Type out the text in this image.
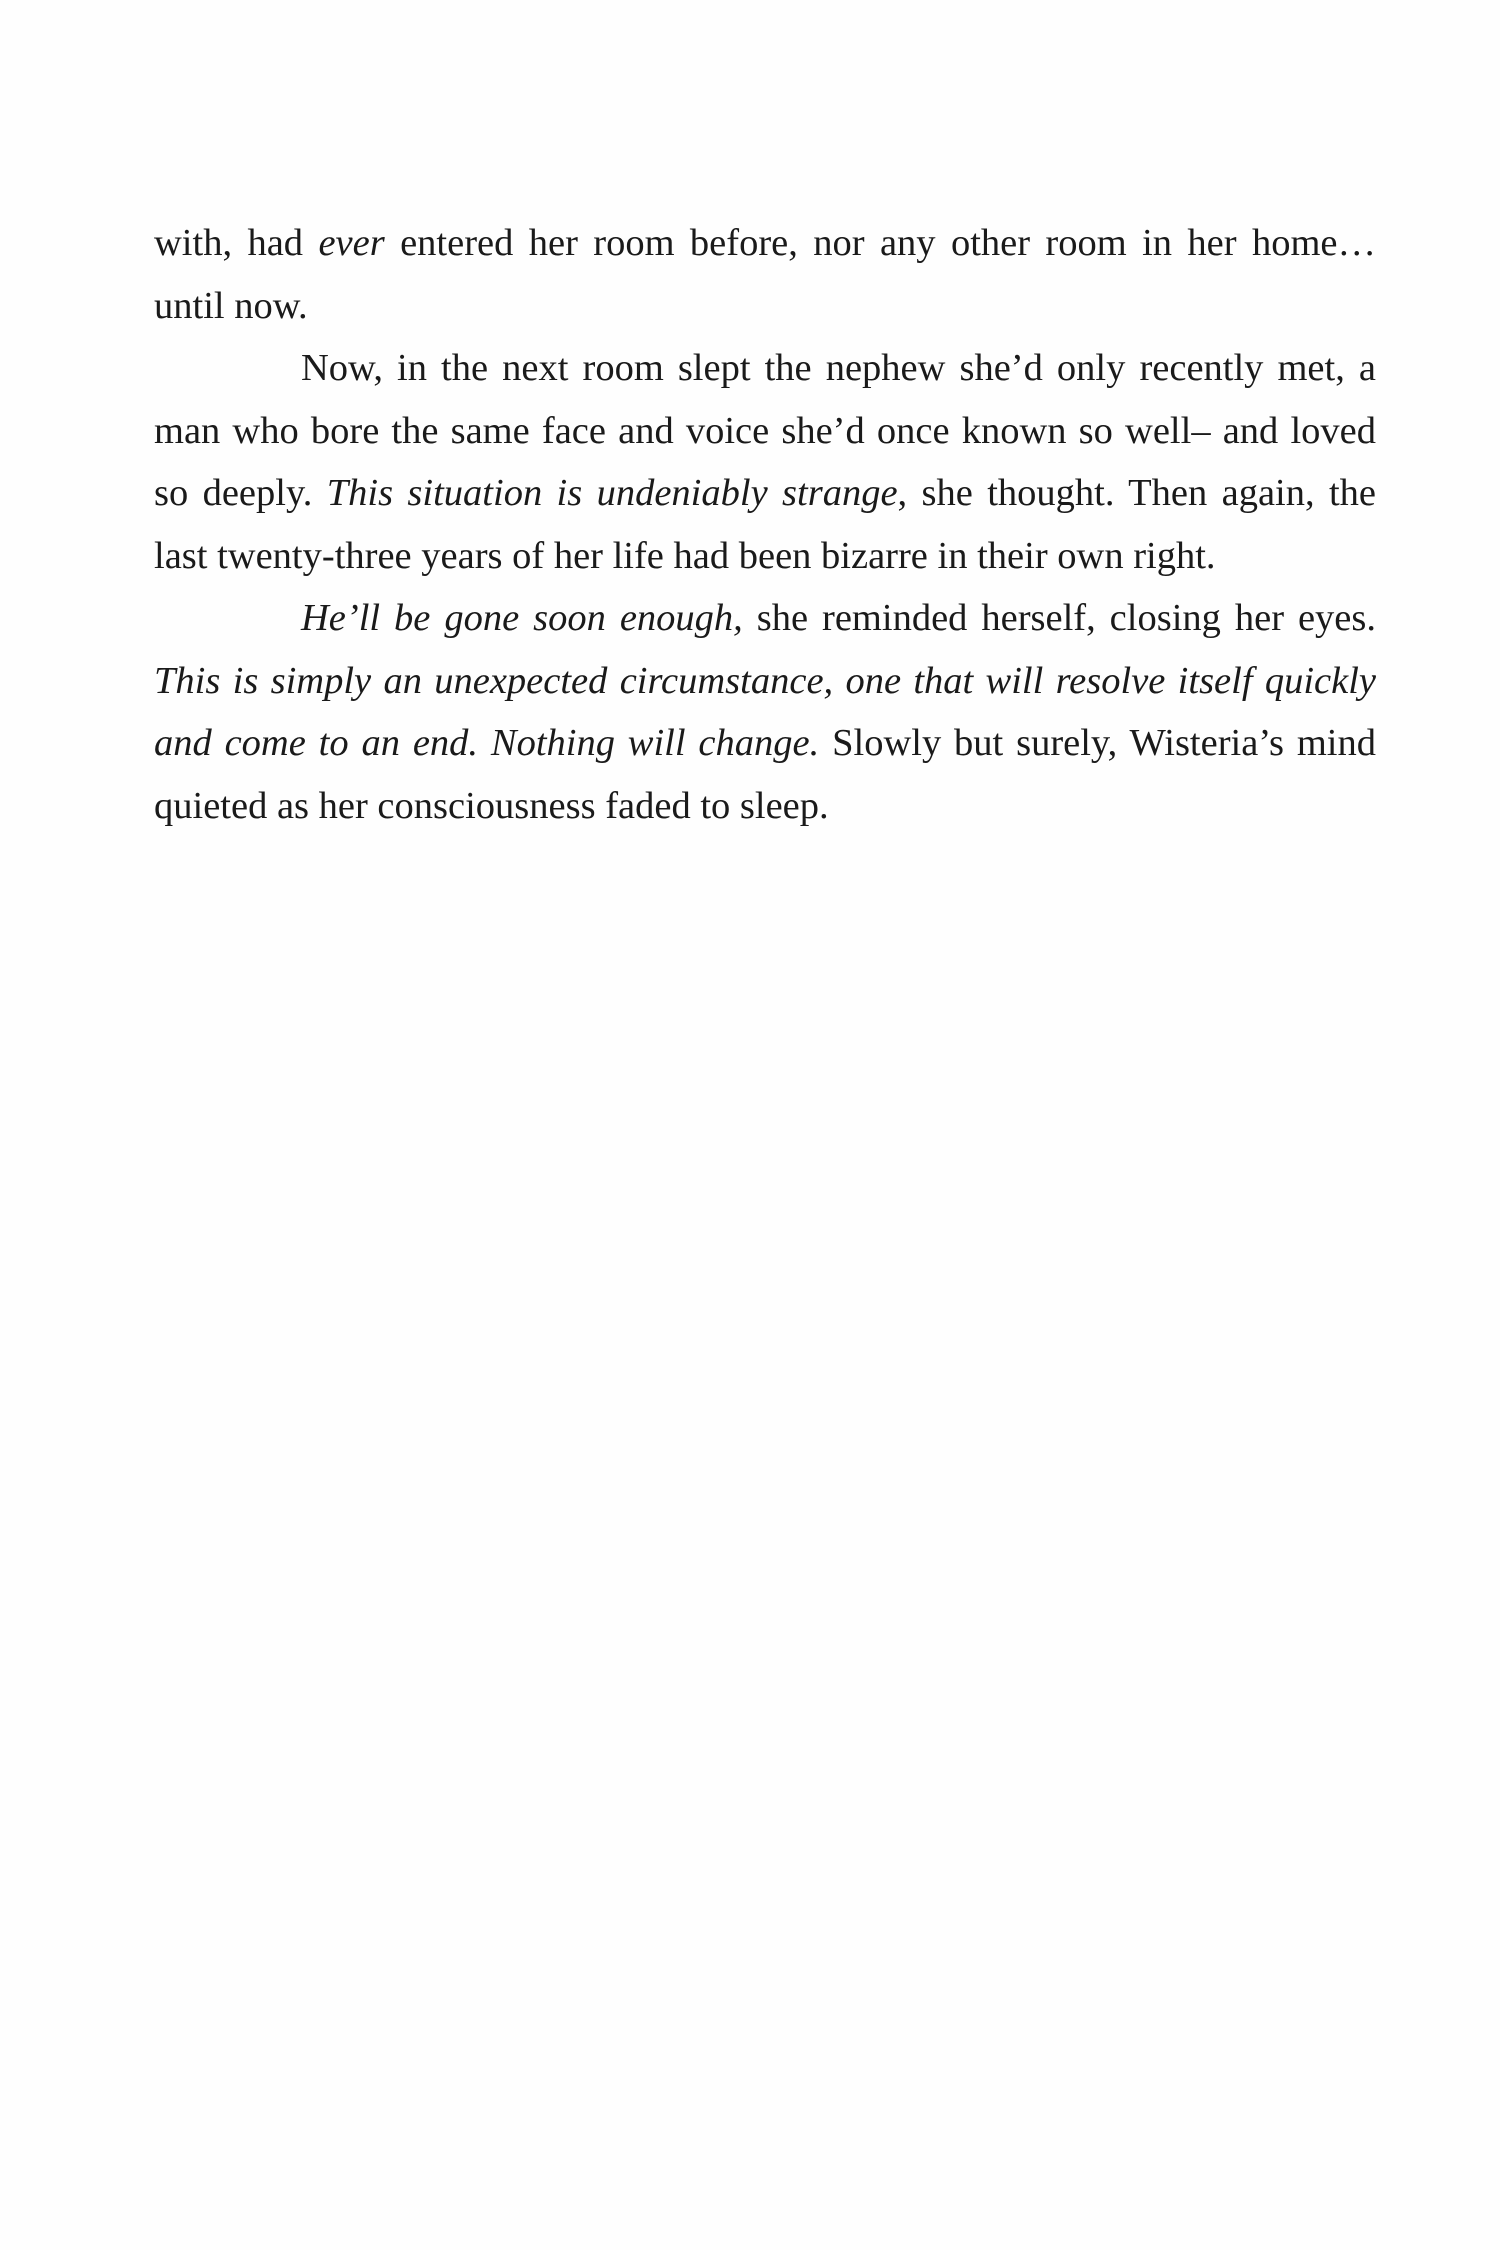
with, had ever entered her room before, nor any other room in her home… until now.

Now, in the next room slept the nephew she’d only recently met, a man who bore the same face and voice she’d once known so well– and loved so deeply. This situation is undeniably strange, she thought. Then again, the last twenty-three years of her life had been bizarre in their own right.

He’ll be gone soon enough, she reminded herself, closing her eyes. This is simply an unexpected circumstance, one that will resolve itself quickly and come to an end. Nothing will change. Slowly but surely, Wisteria’s mind quieted as her consciousness faded to sleep.
